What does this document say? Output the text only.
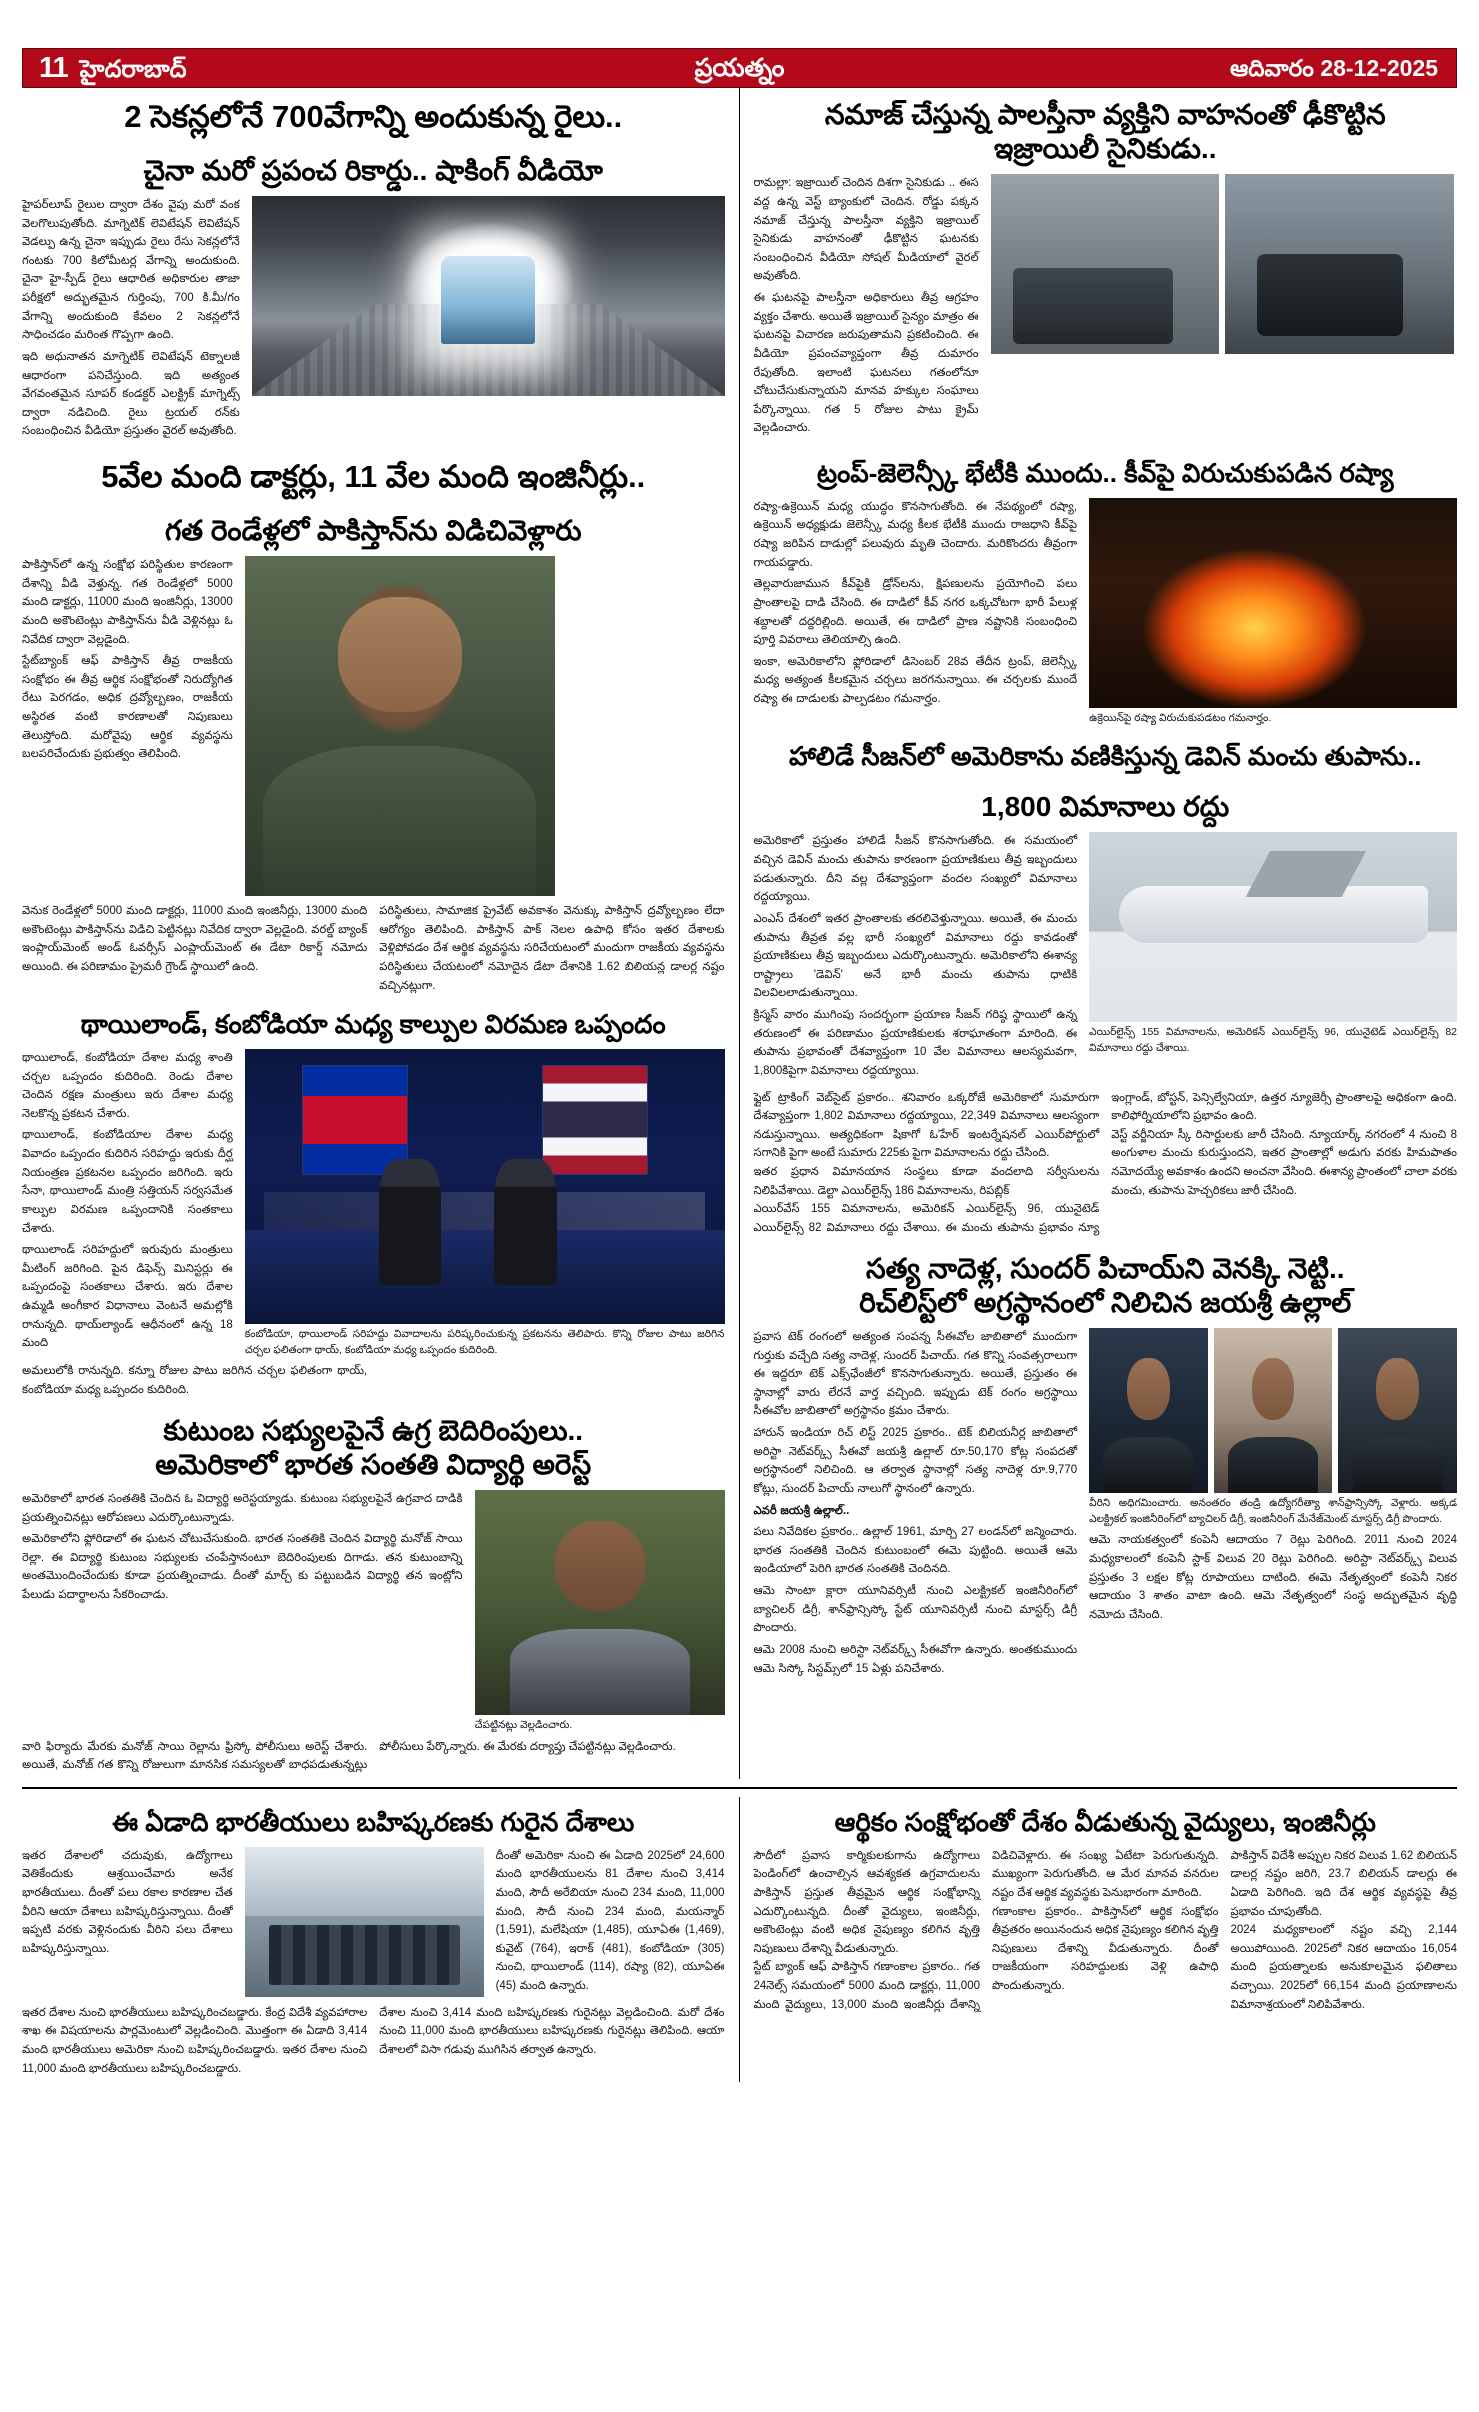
11 హైదరాబాద్	ప్రయత్నం	ఆదివారం 28-12-2025
2 సెకన్లలోనే 700వేగాన్ని అందుకున్న రైలు..
చైనా మరో ప్రపంచ రికార్డు.. షాకింగ్ వీడియో

హైపర్‌లూప్ రైలుల ద్వారా దేశం వైపు మరో వంక వెలగొలుపుతోంది. మాగ్నెటిక్ లెవిటేషన్ లెవిటేషన్ వెడల్పు ఉన్న చైనా ఇప్పుడు రైలు రేసు సెకన్లలోనే గంటకు 700 కిలోమీటర్ల వేగాన్ని అందుకుంది. చైనా హై-స్పీడ్ రైలు ఆధారిత అధికారుల తాజా పరీక్షలో అద్భుతమైన గుర్తింపు, 700 కి.మీ/గం వేగాన్ని అందుకుంది కేవలం 2 సెకన్లలోనే సాధించడం మరింత గొప్పగా ఉంది.

ఇది అధునాతన మాగ్నెటిక్ లెవిటేషన్ టెక్నాలజీ ఆధారంగా పనిచేస్తుంది. ఇది అత్యంత వేగవంతమైన సూపర్ కండక్టర్ ఎలక్ట్రిక్ మాగ్నెట్స్ ద్వారా నడిచింది. రైలు ట్రయల్ రన్‌కు సంబంధించిన వీడియో ప్రస్తుతం వైరల్ అవుతోంది.

నమాజ్ చేస్తున్న పాలస్తీనా వ్యక్తిని వాహనంతో ఢీకొట్టిన
ఇజ్రాయిలీ సైనికుడు..

రామల్లా: ఇజ్రాయిల్ చెందిన దిశగా సైనికుడు .. ఈస వద్ద ఉన్న వెస్ట్ బ్యాంకులో చెందిన. రోడ్డు పక్కన నమాజ్ చేస్తున్న పాలస్తీనా వ్యక్తిని ఇజ్రాయిల్ సైనికుడు వాహనంతో ఢీకొట్టిన ఘటనకు సంబంధించిన వీడియో సోషల్ మీడియాలో వైరల్ అవుతోంది.

ఈ ఘటనపై పాలస్తీనా అధికారులు తీవ్ర ఆగ్రహం వ్యక్తం చేశారు. అయితే ఇజ్రాయిల్ సైన్యం మాత్రం ఈ ఘటనపై విచారణ జరుపుతామని ప్రకటించింది. ఈ వీడియో ప్రపంచవ్యాప్తంగా తీవ్ర దుమారం రేపుతోంది. ఇలాంటి ఘటనలు గతంలోనూ చోటుచేసుకున్నాయని మానవ హక్కుల సంఘాలు పేర్కొన్నాయి. గత 5 రోజుల పాటు క్రైమ్ వెల్లడించారు.

5వేల మంది డాక్టర్లు, 11 వేల మంది ఇంజినీర్లు..
గత రెండేళ్లలో పాకిస్తాన్‌ను విడిచివెళ్లారు

పాకిస్తాన్‌లో ఉన్న సంక్షోభ పరిస్థితుల కారణంగా దేశాన్ని వీడి వెళ్తున్న. గత రెండేళ్లలో 5000 మంది డాక్టర్లు, 11000 మంది ఇంజినీర్లు, 13000 మంది అకౌంటెంట్లు పాకిస్తాన్‌ను వీడి వెళ్లినట్లు ఓ నివేదిక ద్వారా వెల్లడైంది.

స్టేట్‌బ్యాంక్ ఆఫ్ పాకిస్తాన్ తీవ్ర రాజకీయ సంక్షోభం ఈ తీవ్ర ఆర్థిక సంక్షోభంతో నిరుద్యోగిత రేటు పెరగడం, అధిక ద్రవ్యోల్బణం, రాజకీయ అస్థిరత వంటి కారణాలతో నిపుణులు తెలుస్తోంది. మరోవైపు ఆర్థిక వ్యవస్థను బలపరిచేందుకు ప్రభుత్వం తెలిపింది.

వెనుక రెండేళ్లలో 5000 మంది డాక్టర్లు, 11000 మంది ఇంజినీర్లు, 13000 మంది అకౌంటెంట్లు పాకిస్తాన్‌ను విడిచి పెట్టినట్లు నివేదిక ద్వారా వెల్లడైంది. వరల్డ్ బ్యాంక్ ఇంప్లాయ్‌మెంట్ అండ్ ఓవర్సీస్ ఎంప్లాయ్‌మెంట్ ఈ డేటా రికార్డ్ నమోదు అయింది. ఈ పరిణామం ప్రైమరీ గ్రౌండ్ స్థాయిలో ఉంది.

పరిస్థితులు, సామాజిక ప్రైవేట్ అవకాశం వెనుక్కు పాకిస్తాన్ ద్రవ్యోల్బణం లేదా ఆరోగ్యం తెలిపింది. పాకిస్తాన్ పాక్ నెలల ఉపాధి కోసం ఇతర దేశాలకు వెళ్లిపోవడం దేశ ఆర్థిక వ్యవస్థను సరిచేయటంలో మందుగా రాజకీయ వ్యవస్థను పరిస్థితులు చేయటంలో నమోదైన డేటా దేశానికి 1.62 బిలియన్ల డాలర్ల నష్టం వచ్చినట్లుగా.

థాయిలాండ్, కంబోడియా మధ్య కాల్పుల విరమణ ఒప్పందం

థాయిలాండ్, కంబోడియా దేశాల మధ్య శాంతి చర్చల ఒప్పందం కుదిరింది. రెండు దేశాల చెందిన రక్షణ మంత్రులు ఇరు దేశాల మధ్య నెలకొన్న ప్రకటన చేశారు.

థాయిలాండ్, కంబోడియాల దేశాల మధ్య వివాదం ఒప్పందం కుదిరిన సరిహద్దు ఇరుకు దీర్ఘ నియంత్రణ ప్రకటనల ఒప్పందం జరిగింది. ఇరు సేనా, థాయిలాండ్ మంత్రి సత్తియన్ సర్వసమేత కాల్పుల విరమణ ఒప్పందానికి సంతకాలు చేశారు.

థాయిలాండ్ సరిహద్దులో ఇరువురు మంత్రులు మీటింగ్ జరిగింది. పైన డిఫెన్స్ మినిస్టర్లు ఈ ఒప్పందంపై సంతకాలు చేశారు. ఇరు దేశాల ఉమ్మడి అంగీకార విధానాలు వెంటనే అమల్లోకి రానున్నది. థాయ్‌ల్యాండ్ ఆధీనంలో ఉన్న 18 మంది

కంబోడియా, థాయిలాండ్ సరిహద్దు వివాదాలను పరిష్కరించుకున్న ప్రకటనను తెలిపారు. కొన్ని రోజుల పాటు జరిగిన చర్చల ఫలితంగా థాయ్, కంబోడియా మధ్య ఒప్పందం కుదిరింది.

అమలులోకి రానున్నది. కన్నూ రోజుల పాటు జరిగిన చర్చల ఫలితంగా థాయ్, కంబోడియా మధ్య ఒప్పందం కుదిరింది.

కుటుంబ సభ్యులపైనే ఉగ్ర బెదిరింపులు..
అమెరికాలో భారత సంతతి విద్యార్థి అరెస్ట్

అమెరికాలో భారత సంతతికి చెందిన ఓ విద్యార్థి అరెస్టయ్యాడు. కుటుంబ సభ్యులపైనే ఉగ్రవాద దాడికి ప్రయత్నించినట్లు ఆరోపణలు ఎదుర్కొంటున్నాడు.

అమెరికాలోని ఫ్లోరిడాలో ఈ ఘటన చోటుచేసుకుంది. భారత సంతతికి చెందిన విద్యార్థి మనోజ్ సాయి రెల్లా. ఈ విద్యార్థి కుటుంబ సభ్యులకు చంపేస్తానంటూ బెదిరింపులకు దిగాడు. తన కుటుంబాన్ని అంతమొందించేందుకు కూడా ప్రయత్నించాడు. దీంతో మార్చ్ కు పట్టుబడిన విద్యార్థి తన ఇంట్లోని పేలుడు పదార్థాలను సేకరించాడు.

చేపట్టినట్లు వెల్లడించారు.

వారి ఫిర్యాదు మేరకు మనోజ్ సాయి రెల్లాను ఫ్రిస్కో పోలీసులు అరెస్ట్ చేశారు. అయితే, మనోజ్ గత కొన్ని రోజులుగా మానసిక సమస్యలతో బాధపడుతున్నట్లు పోలీసులు పేర్కొన్నారు. ఈ మేరకు దర్యాప్తు చేపట్టినట్లు వెల్లడించారు.

ట్రంప్-జెలెన్స్కీ భేటీకి ముందు.. కీవ్‌పై విరుచుకుపడిన రష్యా

రష్యా-ఉక్రెయిన్ మధ్య యుద్ధం కొనసాగుతోంది. ఈ నేపథ్యంలో రష్యా, ఉక్రెయిన్ అధ్యక్షుడు జెలెన్స్కీ మధ్య కీలక భేటీకి ముందు రాజధాని కీవ్‌పై రష్యా జరిపిన దాడుల్లో పలువురు మృతి చెందారు. మరికొందరు తీవ్రంగా గాయపడ్డారు.

తెల్లవారుజామున కీవ్‌పైకి డ్రోన్‌లను, క్షిపణులను ప్రయోగించి పలు ప్రాంతాలపై దాడి చేసింది. ఈ దాడిలో కీవ్ నగర ఒక్కచోటగా భారీ పేలుళ్ల శబ్దాలతో దద్దరిల్లింది. అయితే, ఈ దాడిలో ప్రాణ నష్టానికి సంబంధించి పూర్తి వివరాలు తెలియాల్సి ఉంది.

ఇంకా, అమెరికాలోని ఫ్లోరిడాలో డిసెంబర్ 28వ తేదీన ట్రంప్, జెలెన్స్కీ మధ్య అత్యంత కీలకమైన చర్చలు జరగనున్నాయి. ఈ చర్చలకు ముందే రష్యా ఈ దాడులకు పాల్పడటం గమనార్హం.

ఉక్రెయిన్‌పై రష్యా విరుచుకుపడటం గమనార్హం.
హాలిడే సీజన్‌లో అమెరికాను వణికిస్తున్న డెవిన్ మంచు తుపాను..
1,800 విమానాలు రద్దు

అమెరికాలో ప్రస్తుతం హాలిడే సీజన్ కొనసాగుతోంది. ఈ సమయంలో వచ్చిన డెవిన్ మంచు తుపాను కారణంగా ప్రయాణికులు తీవ్ర ఇబ్బందులు పడుతున్నారు. దీని వల్ల దేశవ్యాప్తంగా వందల సంఖ్యలో విమానాలు రద్దయ్యాయి.

ఎంఎస్ దేశంలో ఇతర ప్రాంతాలకు తరలివెళ్తున్నాయి. అయితే, ఈ మంచు తుపాను తీవ్రత వల్ల భారీ సంఖ్యలో విమానాలు రద్దు కావడంతో ప్రయాణికులు తీవ్ర ఇబ్బందులు ఎదుర్కొంటున్నారు. అమెరికాలోని ఈశాన్య రాష్ట్రాలు 'డెవిన్' అనే భారీ మంచు తుపాను ధాటికి విలవిలలాడుతున్నాయి.

క్రిస్మస్ వారం ముగింపు సందర్భంగా ప్రయాణ సీజన్ గరిష్ఠ స్థాయిలో ఉన్న తరుణంలో ఈ పరిణామం ప్రయాణికులకు శరాఘాతంగా మారింది. ఈ తుపాను ప్రభావంతో దేశవ్యాప్తంగా 10 వేల విమానాలు ఆలస్యమవగా, 1,800కిపైగా విమానాలు రద్దయ్యాయి.

ఎయిర్‌లైన్స్ 155 విమానాలను, అమెరికన్ ఎయిర్‌లైన్స్ 96, యునైటెడ్ ఎయిర్‌లైన్స్ 82 విమానాలు రద్దు చేశాయి.

ఫ్లైట్ ట్రాకింగ్ వెబ్‌సైట్ ప్రకారం.. శనివారం ఒక్కరోజే అమెరికాలో సుమారుగా దేశవ్యాప్తంగా 1,802 విమానాలు రద్దయ్యాయి, 22,349 విమానాలు ఆలస్యంగా నడుస్తున్నాయి. అత్యధికంగా షికాగో ఓ'హేర్ ఇంటర్నేషనల్ ఎయిర్‌పోర్టులో సగానికి పైగా అంటే సుమారు 225కు పైగా విమానాలను రద్దు చేసింది.

ఇతర ప్రధాన విమానయాన సంస్థలు కూడా వందలాది సర్వీసులను నిలిపివేశాయి. డెల్టా ఎయిర్‌లైన్స్ 186 విమానాలను, రిపబ్లిక్

ఎయిర్‌వేస్ 155 విమానాలను, అమెరికన్ ఎయిర్‌లైన్స్ 96, యునైటెడ్ ఎయిర్‌లైన్స్ 82 విమానాలు రద్దు చేశాయి. ఈ మంచు తుపాను ప్రభావం న్యూ ఇంగ్లాండ్, బోస్టన్, పెన్సిల్వేనియా, ఉత్తర న్యూజెర్సీ ప్రాంతాలపై అధికంగా ఉంది. కాలిఫోర్నియాలోని ప్రభావం ఉంది.

వెస్ట్ వర్జీనియా స్కీ రిసార్టులకు జారీ చేసింది. న్యూయార్క్ నగరంలో 4 నుంచి 8 అంగుళాల మంచు కురుస్తుందని, ఇతర ప్రాంతాల్లో అడుగు వరకు హిమపాతం నమోదయ్యే అవకాశం ఉందని అంచనా వేసింది. ఈశాన్య ప్రాంతంలో చాలా వరకు మంచు, తుపాను హెచ్చరికలు జారీ చేసింది.

సత్య నాదెళ్ల, సుందర్ పిచాయ్‌ని వెనక్కి నెట్టి..
రిచ్‌లిస్ట్‌లో అగ్రస్థానంలో నిలిచిన జయశ్రీ ఉల్లాల్

ప్రవాస టెక్ రంగంలో అత్యంత సంపన్న సీఈవోల జాబితాలో ముందుగా గుర్తుకు వచ్చేది సత్య నాదెళ్ల, సుందర్ పిచాయ్. గత కొన్ని సంవత్సరాలుగా ఈ ఇద్దరూ టెక్ ఎక్స్‌ఛేంజీలో కొనసాగుతున్నారు. అయితే, ప్రస్తుతం ఈ స్థానాల్లో వారు లేరనే వార్త వచ్చింది. ఇప్పుడు టెక్ రంగం అగ్రస్థాయి సీఈవోల జాబితాలో అగ్రస్థానం క్రమం చేశారు.

హారున్ ఇండియా రిచ్ లిస్ట్ 2025 ప్రకారం.. టెక్ బిలియనీర్ల జాబితాలో అరిస్టా నెట్‌వర్క్స్ సీఈవో జయశ్రీ ఉల్లాల్ రూ.50,170 కోట్ల సంపదతో అగ్రస్థానంలో నిలిచింది. ఆ తర్వాత స్థానాల్లో సత్య నాదెళ్ల రూ.9,770 కోట్లు, సుందర్ పిచాయ్ నాలుగో స్థానంలో ఉన్నారు.

ఎవరీ జయశ్రీ ఉల్లాల్..

పలు నివేదికల ప్రకారం.. ఉల్లాల్ 1961, మార్చి 27 లండన్‌లో జన్మించారు. భారత సంతతికి చెందిన కుటుంబంలో ఈమె పుట్టింది. అయితే ఆమె ఇండియాలో పెరిగి భారత సంతతికి చెందినది.

ఆమె సాంటా క్లారా యూనివర్సిటీ నుంచి ఎలక్ట్రికల్ ఇంజినీరింగ్‌లో బ్యాచిలర్ డిగ్రీ, శాన్‌ఫ్రాన్సిస్కో స్టేట్ యూనివర్సిటీ నుంచి మాస్టర్స్ డిగ్రీ పొందారు.

ఆమె 2008 నుంచి అరిస్టా నెట్‌వర్క్స్ సీఈవోగా ఉన్నారు. అంతకుముందు ఆమె సిస్కో సిస్టమ్స్‌లో 15 ఏళ్లు పనిచేశారు.

వీరిని అధిగమించారు. అనంతరం తండ్రి ఉద్యోగరీత్యా శాన్‌ఫ్రాన్సిస్కో వెళ్లారు. అక్కడ ఎలక్ట్రికల్ ఇంజినీరింగ్‌లో బ్యాచిలర్ డిగ్రీ, ఇంజినీరింగ్ మేనేజ్‌మెంట్ మాస్టర్స్ డిగ్రీ పొందారు.

ఆమె నాయకత్వంలో కంపెనీ ఆదాయం 7 రెట్లు పెరిగింది. 2011 నుంచి 2024 మధ్యకాలంలో కంపెనీ స్టాక్ విలువ 20 రెట్లు పెరిగింది. అరిస్టా నెట్‌వర్క్స్ విలువ ప్రస్తుతం 3 లక్షల కోట్ల రూపాయలు దాటింది. ఈమె నేతృత్వంలో కంపెనీ నికర ఆదాయం 3 శాతం వాటా ఉంది. ఆమె నేతృత్వంలో సంస్థ అద్భుతమైన వృద్ధి నమోదు చేసింది.

ఈ ఏడాది భారతీయులు బహిష్కరణకు గురైన దేశాలు

ఇతర దేశాలలో చదువుకు, ఉద్యోగాలు వెతికేందుకు ఆశ్రయించేవారు అనేక భారతీయులు. దీంతో పలు రకాల కారణాల చేత వీరిని ఆయా దేశాలు బహిష్కరిస్తున్నాయి. దీంతో ఇప్పటి వరకు వెళ్లినందుకు వీరిని పలు దేశాలు బహిష్కరిస్తున్నాయి.

దీంతో అమెరికా నుంచి ఈ ఏడాది 2025లో 24,600 మంది భారతీయులను 81 దేశాల నుంచి 3,414 మంది, సౌదీ అరేబియా నుంచి 234 మంది, 11,000 మంది, సౌదీ నుంచి 234 మంది, మయన్మార్ (1,591), మలేషియా (1,485), యూఏఈ (1,469), కువైట్ (764), ఇరాక్ (481), కంబోడియా (305) నుంచి, థాయిలాండ్ (114), రష్యా (82), యూఏఈ (45) మంది ఉన్నారు.

ఇతర దేశాల నుంచి భారతీయులు బహిష్కరించబడ్డారు. కేంద్ర విదేశీ వ్యవహారాల శాఖ ఈ విషయాలను పార్లమెంటులో వెల్లడించింది. మొత్తంగా ఈ ఏడాది 3,414 మంది భారతీయులు అమెరికా నుంచి బహిష్కరించబడ్డారు. ఇతర దేశాల నుంచి 11,000 మంది భారతీయులు బహిష్కరించబడ్డారు.

దేశాల నుంచి 3,414 మంది బహిష్కరణకు గురైనట్లు వెల్లడించింది. మరో దేశం నుంచి 11,000 మంది భారతీయులు బహిష్కరణకు గురైనట్లు తెలిపింది. ఆయా దేశాలలో విసా గడువు ముగిసిన తర్వాత ఉన్నారు.

ఆర్థికం సంక్షోభంతో దేశం వీడుతున్న వైద్యులు, ఇంజినీర్లు

సౌదీలో ప్రవాస కార్మికులకుగాను ఉద్యోగాలు పెండింగ్‌లో ఉంచాల్సిన ఆవశ్యకత ఉగ్రవాదులను పాకిస్తాన్ ప్రస్తుత తీవ్రమైన ఆర్థిక సంక్షోభాన్ని ఎదుర్కొంటున్నది. దీంతో వైద్యులు, ఇంజినీర్లు, అకౌంటెంట్లు వంటి అధిక నైపుణ్యం కలిగిన వృత్తి నిపుణులు దేశాన్ని వీడుతున్నారు.

స్టేట్ బ్యాంక్ ఆఫ్ పాకిస్తాన్ గణాంకాల ప్రకారం.. గత 24నెల్స్ సమయంలో 5000 మంది డాక్టర్లు, 11,000 మంది వైద్యులు, 13,000 మంది ఇంజినీర్లు దేశాన్ని విడిచివెళ్లారు. ఈ సంఖ్య ఏటేటా పెరుగుతున్నది. ముఖ్యంగా పెరుగుతోంది. ఆ మేర మానవ వనరుల నష్టం దేశ ఆర్థిక వ్యవస్థకు పెనుభారంగా మారింది.

గణాంకాల ప్రకారం.. పాకిస్తాన్‌లో ఆర్థిక సంక్షోభం తీవ్రతరం అయినందున అధిక నైపుణ్యం కలిగిన వృత్తి నిపుణులు దేశాన్ని వీడుతున్నారు. దీంతో రాజకీయంగా సరిహద్దులకు వెళ్లి ఉపాధి పొందుతున్నారు.

పాకిస్తాన్ విదేశీ అప్పుల నికర విలువ 1.62 బిలియన్ డాలర్ల నష్టం జరిగి, 23.7 బిలియన్ డాలర్లు ఈ ఏడాది పెరిగింది. ఇది దేశ ఆర్థిక వ్యవస్థపై తీవ్ర ప్రభావం చూపుతోంది.

2024 మధ్యకాలంలో నష్టం వచ్చి 2,144 అయిపోయింది. 2025లో నికర ఆదాయం 16,054 మంది ప్రయత్నాలకు అనుకూలమైన ఫలితాలు వచ్చాయి. 2025లో 66,154 మంది ప్రయాణాలను విమానాశ్రయంలో నిలిపివేశారు.
